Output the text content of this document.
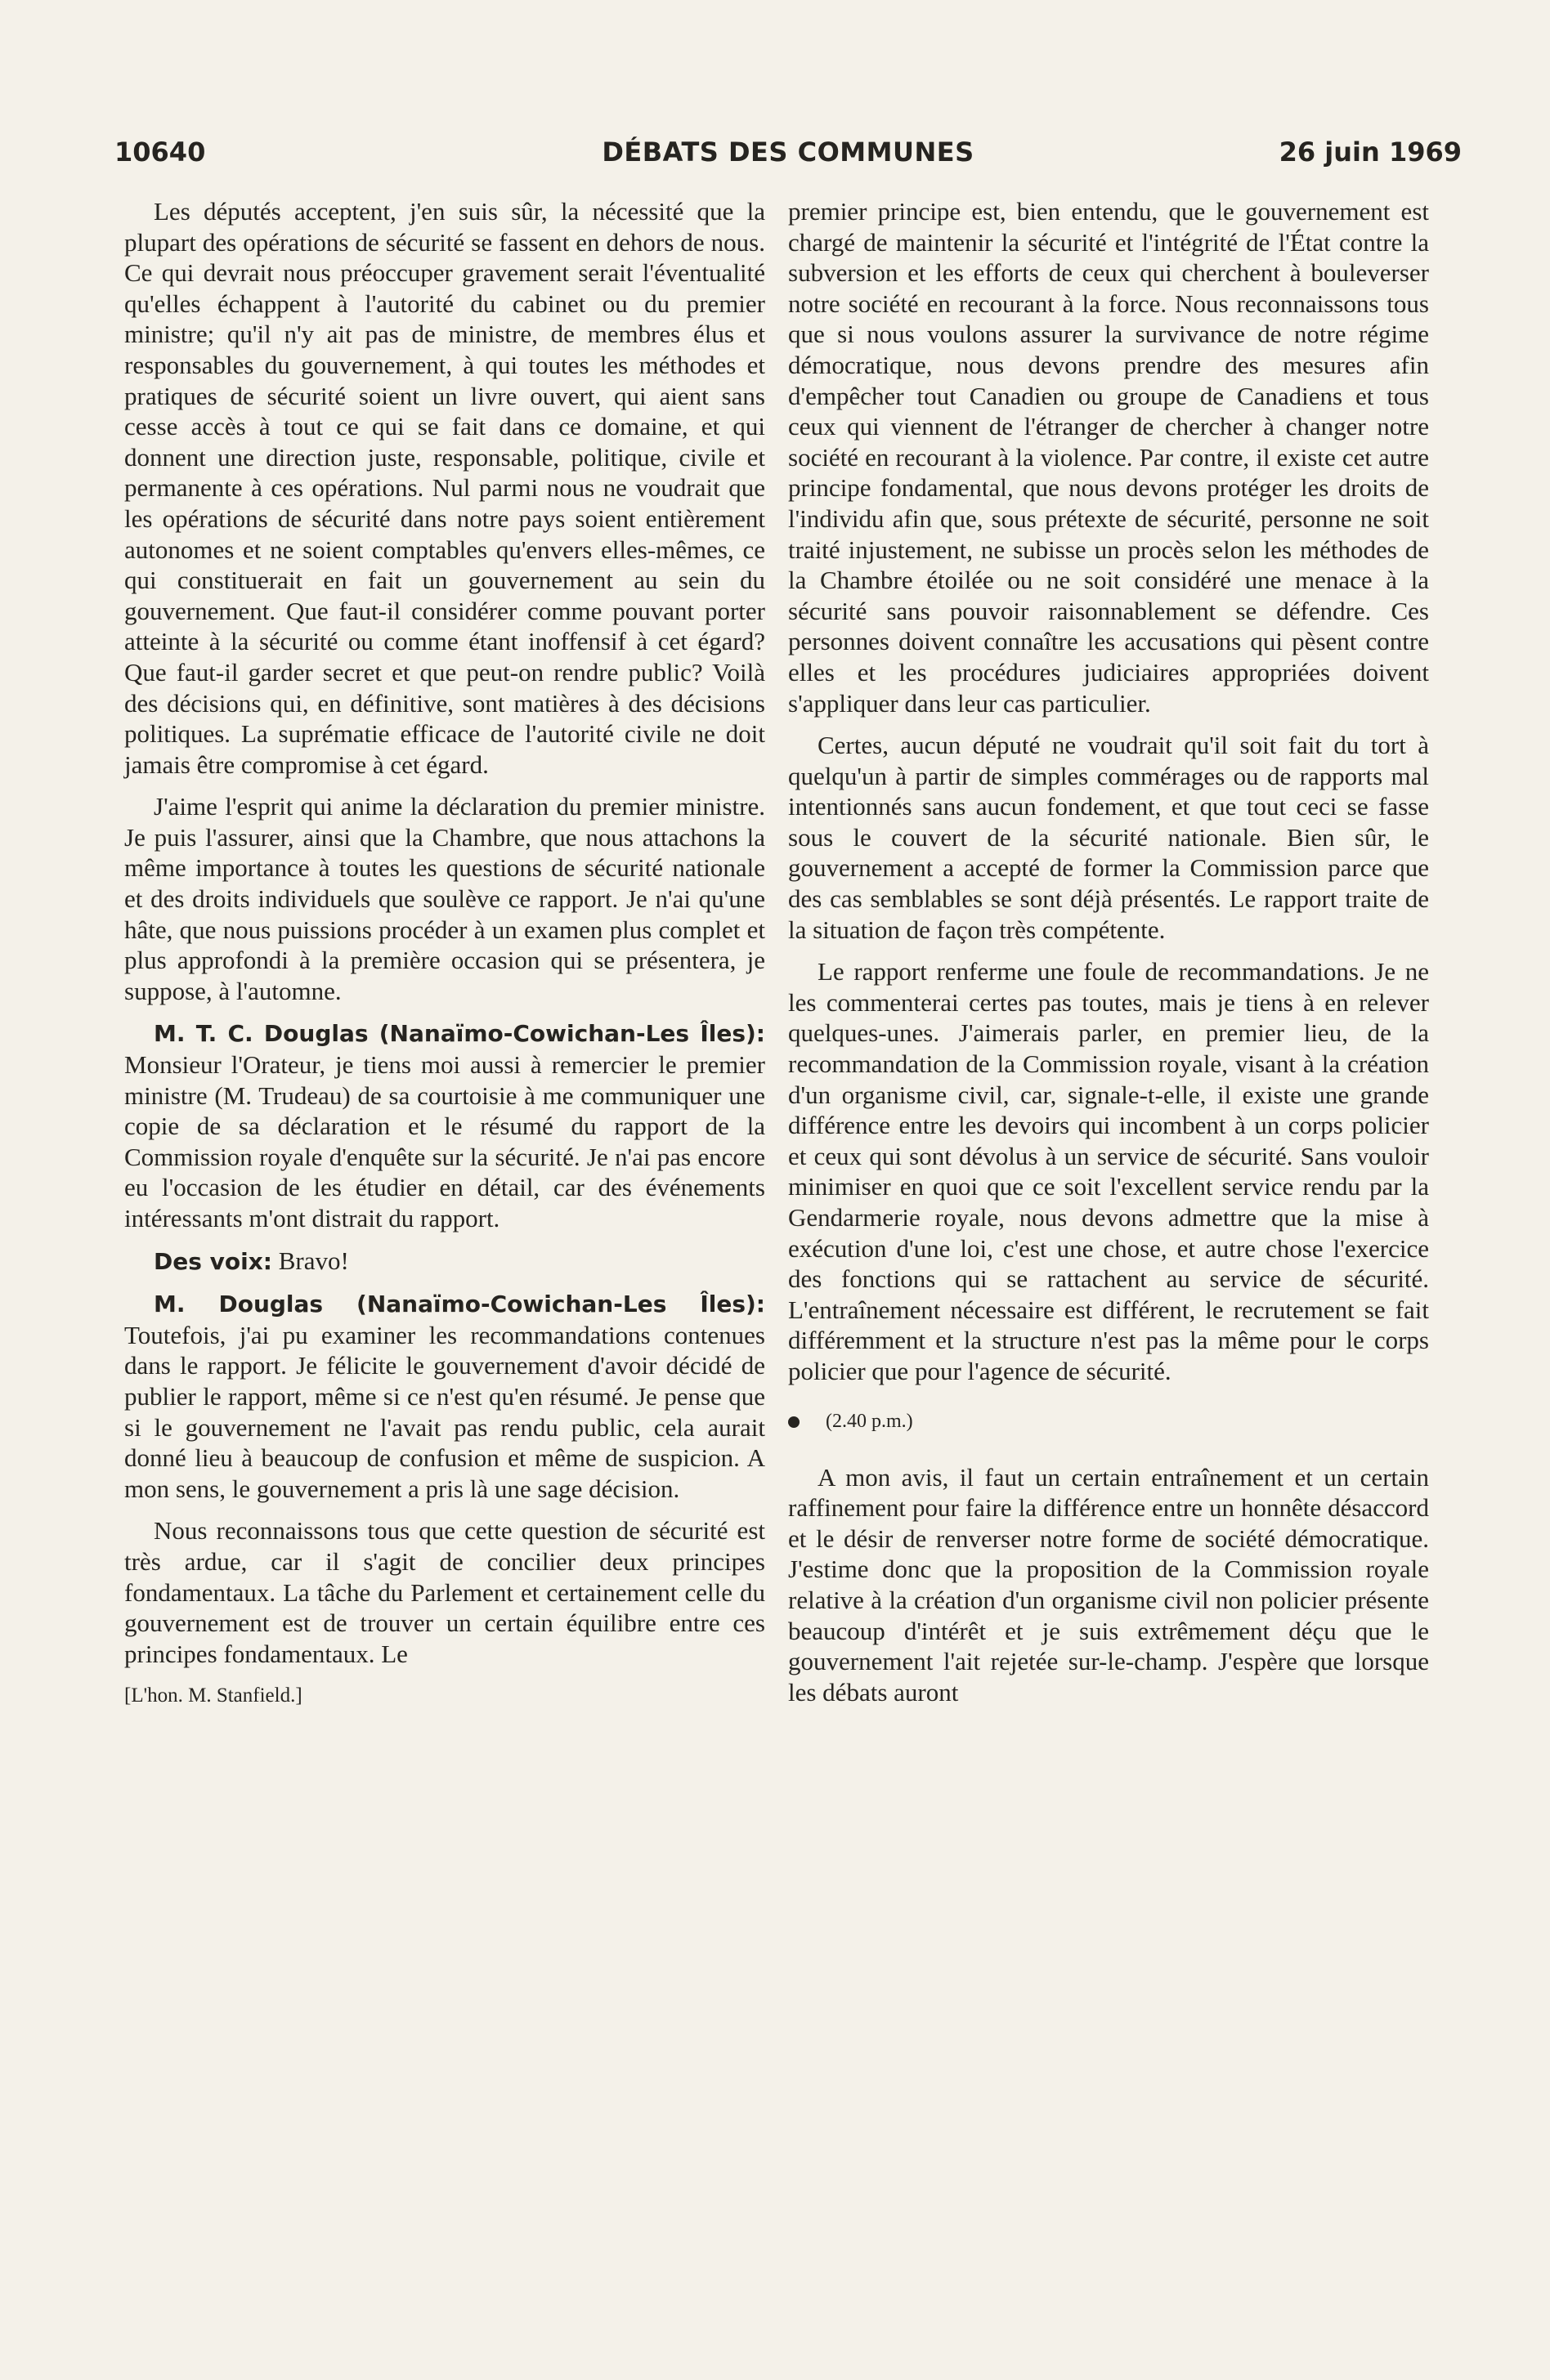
10640	DÉBATS DES COMMUNES	26 juin 1969

Les députés acceptent, j'en suis sûr, la nécessité que la plupart des opérations de sécurité se fassent en dehors de nous. Ce qui devrait nous préoccuper gravement serait l'éventualité qu'elles échappent à l'autorité du cabinet ou du premier ministre; qu'il n'y ait pas de ministre, de membres élus et responsables du gouvernement, à qui toutes les méthodes et pratiques de sécurité soient un livre ouvert, qui aient sans cesse accès à tout ce qui se fait dans ce domaine, et qui donnent une direction juste, responsable, politique, civile et permanente à ces opérations. Nul parmi nous ne voudrait que les opérations de sécurité dans notre pays soient entièrement autonomes et ne soient comptables qu'envers elles-mêmes, ce qui constituerait en fait un gouvernement au sein du gouvernement. Que faut-il considérer comme pouvant porter atteinte à la sécurité ou comme étant inoffensif à cet égard? Que faut-il garder secret et que peut-on rendre public? Voilà des décisions qui, en définitive, sont matières à des décisions politiques. La suprématie efficace de l'autorité civile ne doit jamais être compromise à cet égard.

J'aime l'esprit qui anime la déclaration du premier ministre. Je puis l'assurer, ainsi que la Chambre, que nous attachons la même importance à toutes les questions de sécurité nationale et des droits individuels que soulève ce rapport. Je n'ai qu'une hâte, que nous puissions procéder à un examen plus complet et plus approfondi à la première occasion qui se présentera, je suppose, à l'automne.

M. T. C. Douglas (Nanaïmo-Cowichan-Les Îles): Monsieur l'Orateur, je tiens moi aussi à remercier le premier ministre (M. Trudeau) de sa courtoisie à me communiquer une copie de sa déclaration et le résumé du rapport de la Commission royale d'enquête sur la sécurité. Je n'ai pas encore eu l'occasion de les étudier en détail, car des événements intéressants m'ont distrait du rapport.

Des voix: Bravo!

M. Douglas (Nanaïmo-Cowichan-Les Îles): Toutefois, j'ai pu examiner les recommandations contenues dans le rapport. Je félicite le gouvernement d'avoir décidé de publier le rapport, même si ce n'est qu'en résumé. Je pense que si le gouvernement ne l'avait pas rendu public, cela aurait donné lieu à beaucoup de confusion et même de suspicion. A mon sens, le gouvernement a pris là une sage décision.

Nous reconnaissons tous que cette question de sécurité est très ardue, car il s'agit de concilier deux principes fondamentaux. La tâche du Parlement et certainement celle du gouvernement est de trouver un certain équilibre entre ces principes fondamentaux. Le

[L'hon. M. Stanfield.]

premier principe est, bien entendu, que le gouvernement est chargé de maintenir la sécurité et l'intégrité de l'État contre la subversion et les efforts de ceux qui cherchent à bouleverser notre société en recourant à la force. Nous reconnaissons tous que si nous voulons assurer la survivance de notre régime démocratique, nous devons prendre des mesures afin d'empêcher tout Canadien ou groupe de Canadiens et tous ceux qui viennent de l'étranger de chercher à changer notre société en recourant à la violence. Par contre, il existe cet autre principe fondamental, que nous devons protéger les droits de l'individu afin que, sous prétexte de sécurité, personne ne soit traité injustement, ne subisse un procès selon les méthodes de la Chambre étoilée ou ne soit considéré une menace à la sécurité sans pouvoir raisonnablement se défendre. Ces personnes doivent connaître les accusations qui pèsent contre elles et les procédures judiciaires appropriées doivent s'appliquer dans leur cas particulier.

Certes, aucun député ne voudrait qu'il soit fait du tort à quelqu'un à partir de simples commérages ou de rapports mal intentionnés sans aucun fondement, et que tout ceci se fasse sous le couvert de la sécurité nationale. Bien sûr, le gouvernement a accepté de former la Commission parce que des cas semblables se sont déjà présentés. Le rapport traite de la situation de façon très compétente.

Le rapport renferme une foule de recommandations. Je ne les commenterai certes pas toutes, mais je tiens à en relever quelques-unes. J'aimerais parler, en premier lieu, de la recommandation de la Commission royale, visant à la création d'un organisme civil, car, signale-t-elle, il existe une grande différence entre les devoirs qui incombent à un corps policier et ceux qui sont dévolus à un service de sécurité. Sans vouloir minimiser en quoi que ce soit l'excellent service rendu par la Gendarmerie royale, nous devons admettre que la mise à exécution d'une loi, c'est une chose, et autre chose l'exercice des fonctions qui se rattachent au service de sécurité. L'entraînement nécessaire est différent, le recrutement se fait différemment et la structure n'est pas la même pour le corps policier que pour l'agence de sécurité.

(2.40 p.m.)

A mon avis, il faut un certain entraînement et un certain raffinement pour faire la différence entre un honnête désaccord et le désir de renverser notre forme de société démocratique. J'estime donc que la proposition de la Commission royale relative à la création d'un organisme civil non policier présente beaucoup d'intérêt et je suis extrêmement déçu que le gouvernement l'ait rejetée sur-le-champ. J'espère que lorsque les débats auront
